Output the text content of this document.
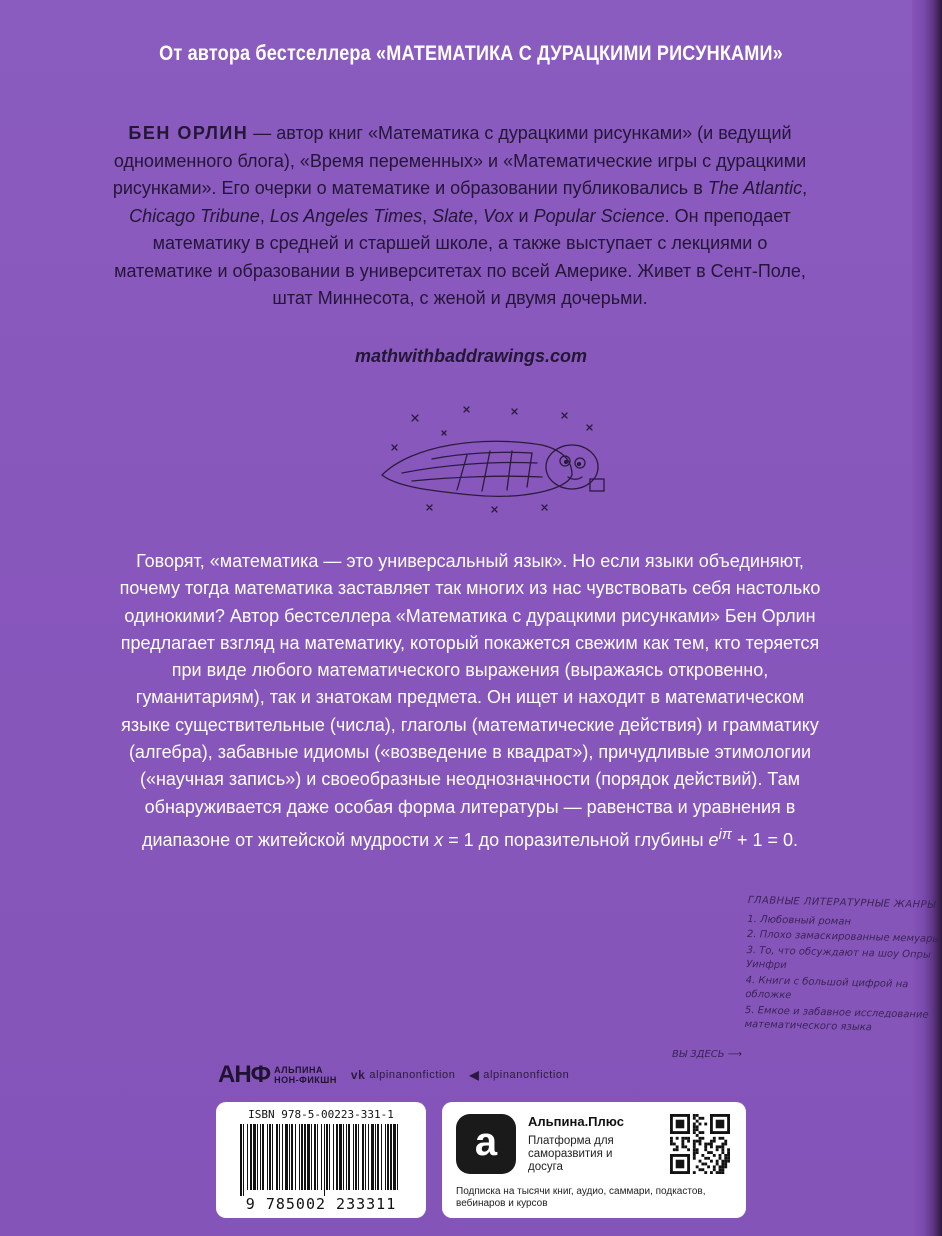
От автора бестселлера «МАТЕМАТИКА С ДУРАЦКИМИ РИСУНКАМИ»
БЕН ОРЛИН — автор книг «Математика с дурацкими рисунками» (и ведущий одноименного блога), «Время переменных» и «Математические игры с дурацкими рисунками». Его очерки о математике и образовании публиковались в The Atlantic, Chicago Tribune, Los Angeles Times, Slate, Vox и Popular Science. Он преподает математику в средней и старшей школе, а также выступает с лекциями о математике и образовании в университетах по всей Америке. Живет в Сент-Поле, штат Миннесота, с женой и двумя дочерьми.
mathwithbaddrawings.com
Говорят, «математика — это универсальный язык». Но если языки объединяют, почему тогда математика заставляет так многих из нас чувствовать себя настолько одинокими? Автор бестселлера «Математика с дурацкими рисунками» Бен Орлин предлагает взгляд на математику, который покажется свежим как тем, кто теряется при виде любого математического выражения (выражаясь откровенно, гуманитариям), так и знатокам предмета. Он ищет и находит в математическом языке существительные (числа), глаголы (математические действия) и грамматику (алгебра), забавные идиомы («возведение в квадрат»), причудливые этимологии («научная запись») и своеобразные неоднозначности (порядок действий). Там обнаруживается даже особая форма литературы — равенства и уравнения в диапазоне от житейской мудрости x = 1 до поразительной глубины $e^{i\pi} + 1 = 0$.
ГЛАВНЫЕ ЛИТЕРАТУРНЫЕ ЖАНРЫ
1. Любовный роман
2. Плохо замаскированные мемуары
3. То, что обсуждают на шоу Опры Уинфри
4. Книги с большой цифрой на обложке
5. Емкое и забавное исследование математического языка
ВЫ ЗДЕСЬ ⟶
АНФ АЛЬПИНА
НОН-ФИКШН vk alpinanonfiction ◀ alpinanonfiction
ISBN 978-5-00223-331-1
9 785002 233311
a	Альпина.Плюс
Платформа для саморазвития и досуга
Подписка на тысячи книг, аудио, саммари, подкастов, вебинаров и курсов
